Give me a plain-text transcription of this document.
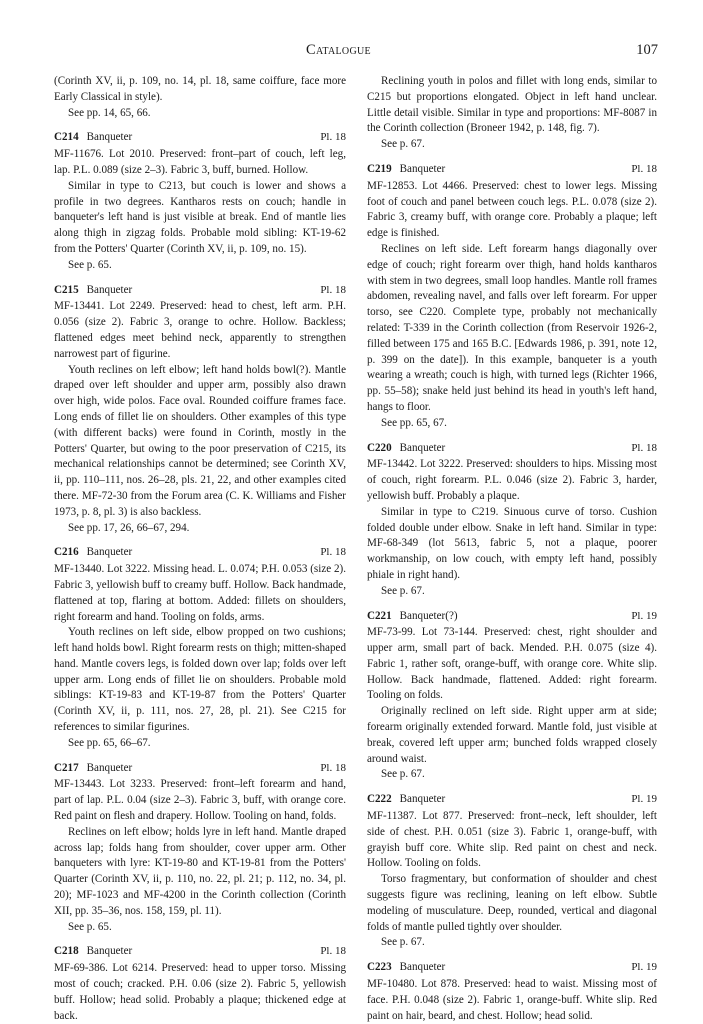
Catalogue	107

(Corinth XV, ii, p. 109, no. 14, pl. 18, same coiffure, face more Early Classical in style).

See pp. 14, 65, 66.

C214 Banqueter	Pl. 18

MF-11676. Lot 2010. Preserved: front–part of couch, left leg, lap. P.L. 0.089 (size 2–3). Fabric 3, buff, burned. Hollow.

Similar in type to C213, but couch is lower and shows a profile in two degrees. Kantharos rests on couch; handle in banqueter's left hand is just visible at break. End of mantle lies along thigh in zigzag folds. Probable mold sibling: KT-19-62 from the Potters' Quarter (Corinth XV, ii, p. 109, no. 15).

See p. 65.

C215 Banqueter	Pl. 18

MF-13441. Lot 2249. Preserved: head to chest, left arm. P.H. 0.056 (size 2). Fabric 3, orange to ochre. Hollow. Backless; flattened edges meet behind neck, apparently to strengthen narrowest part of figurine.

Youth reclines on left elbow; left hand holds bowl(?). Mantle draped over left shoulder and upper arm, possibly also drawn over high, wide polos. Face oval. Rounded coiffure frames face. Long ends of fillet lie on shoulders. Other examples of this type (with different backs) were found in Corinth, mostly in the Potters' Quarter, but owing to the poor preservation of C215, its mechanical relationships cannot be determined; see Corinth XV, ii, pp. 110–111, nos. 26–28, pls. 21, 22, and other examples cited there. MF-72-30 from the Forum area (C. K. Williams and Fisher 1973, p. 8, pl. 3) is also backless.

See pp. 17, 26, 66–67, 294.

C216 Banqueter	Pl. 18

MF-13440. Lot 3222. Missing head. L. 0.074; P.H. 0.053 (size 2). Fabric 3, yellowish buff to creamy buff. Hollow. Back handmade, flattened at top, flaring at bottom. Added: fillets on shoulders, right forearm and hand. Tooling on folds, arms.

Youth reclines on left side, elbow propped on two cushions; left hand holds bowl. Right forearm rests on thigh; mitten-shaped hand. Mantle covers legs, is folded down over lap; folds over left upper arm. Long ends of fillet lie on shoulders. Probable mold siblings: KT-19-83 and KT-19-87 from the Potters' Quarter (Corinth XV, ii, p. 111, nos. 27, 28, pl. 21). See C215 for references to similar figurines.

See pp. 65, 66–67.

C217 Banqueter	Pl. 18

MF-13443. Lot 3233. Preserved: front–left forearm and hand, part of lap. P.L. 0.04 (size 2–3). Fabric 3, buff, with orange core. Red paint on flesh and drapery. Hollow. Tooling on hand, folds.

Reclines on left elbow; holds lyre in left hand. Mantle draped across lap; folds hang from shoulder, cover upper arm. Other banqueters with lyre: KT-19-80 and KT-19-81 from the Potters' Quarter (Corinth XV, ii, p. 110, no. 22, pl. 21; p. 112, no. 34, pl. 20); MF-1023 and MF-4200 in the Corinth collection (Corinth XII, pp. 35–36, nos. 158, 159, pl. 11).

See p. 65.

C218 Banqueter	Pl. 18

MF-69-386. Lot 6214. Preserved: head to upper torso. Missing most of couch; cracked. P.H. 0.06 (size 2). Fabric 5, yellowish buff. Hollow; head solid. Probably a plaque; thickened edge at back.

Reclining youth in polos and fillet with long ends, similar to C215 but proportions elongated. Object in left hand unclear. Little detail visible. Similar in type and proportions: MF-8087 in the Corinth collection (Broneer 1942, p. 148, fig. 7).

See p. 67.

C219 Banqueter	Pl. 18

MF-12853. Lot 4466. Preserved: chest to lower legs. Missing foot of couch and panel between couch legs. P.L. 0.078 (size 2). Fabric 3, creamy buff, with orange core. Probably a plaque; left edge is finished.

Reclines on left side. Left forearm hangs diagonally over edge of couch; right forearm over thigh, hand holds kantharos with stem in two degrees, small loop handles. Mantle roll frames abdomen, revealing navel, and falls over left forearm. For upper torso, see C220. Complete type, probably not mechanically related: T-339 in the Corinth collection (from Reservoir 1926-2, filled between 175 and 165 B.C. [Edwards 1986, p. 391, note 12, p. 399 on the date]). In this example, banqueter is a youth wearing a wreath; couch is high, with turned legs (Richter 1966, pp. 55–58); snake held just behind its head in youth's left hand, hangs to floor.

See pp. 65, 67.

C220 Banqueter	Pl. 18

MF-13442. Lot 3222. Preserved: shoulders to hips. Missing most of couch, right forearm. P.L. 0.046 (size 2). Fabric 3, harder, yellowish buff. Probably a plaque.

Similar in type to C219. Sinuous curve of torso. Cushion folded double under elbow. Snake in left hand. Similar in type: MF-68-349 (lot 5613, fabric 5, not a plaque, poorer workmanship, on low couch, with empty left hand, possibly phiale in right hand).

See p. 67.

C221 Banqueter(?)	Pl. 19

MF-73-99. Lot 73-144. Preserved: chest, right shoulder and upper arm, small part of back. Mended. P.H. 0.075 (size 4). Fabric 1, rather soft, orange-buff, with orange core. White slip. Hollow. Back handmade, flattened. Added: right forearm. Tooling on folds.

Originally reclined on left side. Right upper arm at side; forearm originally extended forward. Mantle fold, just visible at break, covered left upper arm; bunched folds wrapped closely around waist.

See p. 67.

C222 Banqueter	Pl. 19

MF-11387. Lot 877. Preserved: front–neck, left shoulder, left side of chest. P.H. 0.051 (size 3). Fabric 1, orange-buff, with grayish buff core. White slip. Red paint on chest and neck. Hollow. Tooling on folds.

Torso fragmentary, but conformation of shoulder and chest suggests figure was reclining, leaning on left elbow. Subtle modeling of musculature. Deep, rounded, vertical and diagonal folds of mantle pulled tightly over shoulder.

See p. 67.

C223 Banqueter	Pl. 19

MF-10480. Lot 878. Preserved: head to waist. Missing most of face. P.H. 0.048 (size 2). Fabric 1, orange-buff. White slip. Red paint on hair, beard, and chest. Hollow; head solid.
